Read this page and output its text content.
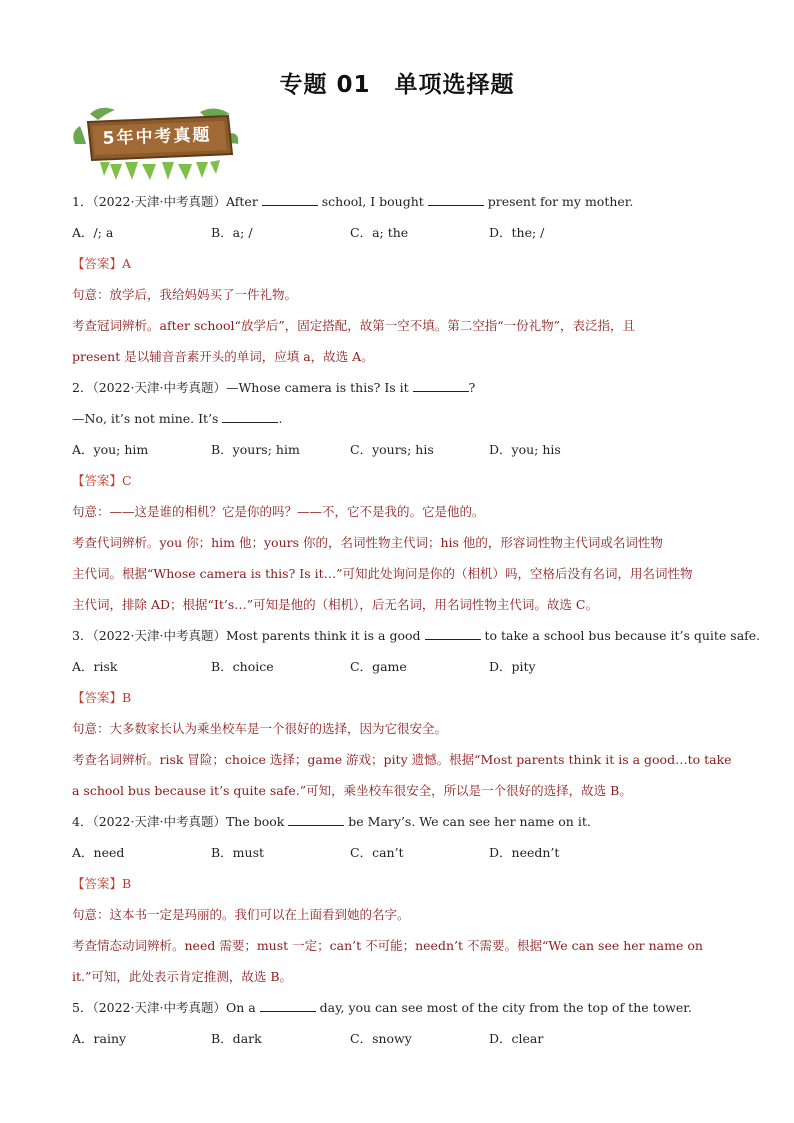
专题 01　单项选择题
5年中考真题
1．（2022·天津·中考真题）After	school, I bought	present for my mother.
A．/; a	B．a; /	C．a; the	D．the; /
【答案】A
句意：放学后，我给妈妈买了一件礼物。
考查冠词辨析。after school“放学后”，固定搭配，故第一空不填。第二空指“一份礼物”，表泛指，且
present 是以辅音音素开头的单词，应填 a，故选 A。
2．（2022·天津·中考真题）—Whose camera is this? Is it	?
—No, it’s not mine. It’s	.
A．you; him	B．yours; him	C．yours; his	D．you; his
【答案】C
句意：——这是谁的相机？它是你的吗？——不，它不是我的。它是他的。
考查代词辨析。you 你；him 他；yours 你的，名词性物主代词；his 他的，形容词性物主代词或名词性物
主代词。根据“Whose camera is this? Is it…”可知此处询问是你的（相机）吗，空格后没有名词，用名词性物
主代词，排除 AD；根据“It’s…”可知是他的（相机），后无名词，用名词性物主代词。故选 C。
3．（2022·天津·中考真题）Most parents think it is a good	to take a school bus because it’s quite safe.
A．risk	B．choice	C．game	D．pity
【答案】B
句意：大多数家长认为乘坐校车是一个很好的选择，因为它很安全。
考查名词辨析。risk 冒险；choice 选择；game 游戏；pity 遗憾。根据“Most parents think it is a good…to take
a school bus because it’s quite safe.”可知，乘坐校车很安全，所以是一个很好的选择，故选 B。
4．（2022·天津·中考真题）The book	be Mary’s. We can see her name on it.
A．need	B．must	C．can’t	D．needn’t
【答案】B
句意：这本书一定是玛丽的。我们可以在上面看到她的名字。
考查情态动词辨析。need 需要；must 一定；can’t 不可能；needn’t 不需要。根据“We can see her name on
it.”可知，此处表示肯定推测，故选 B。
5．（2022·天津·中考真题）On a	day, you can see most of the city from the top of the tower.
A．rainy	B．dark	C．snowy	D．clear
